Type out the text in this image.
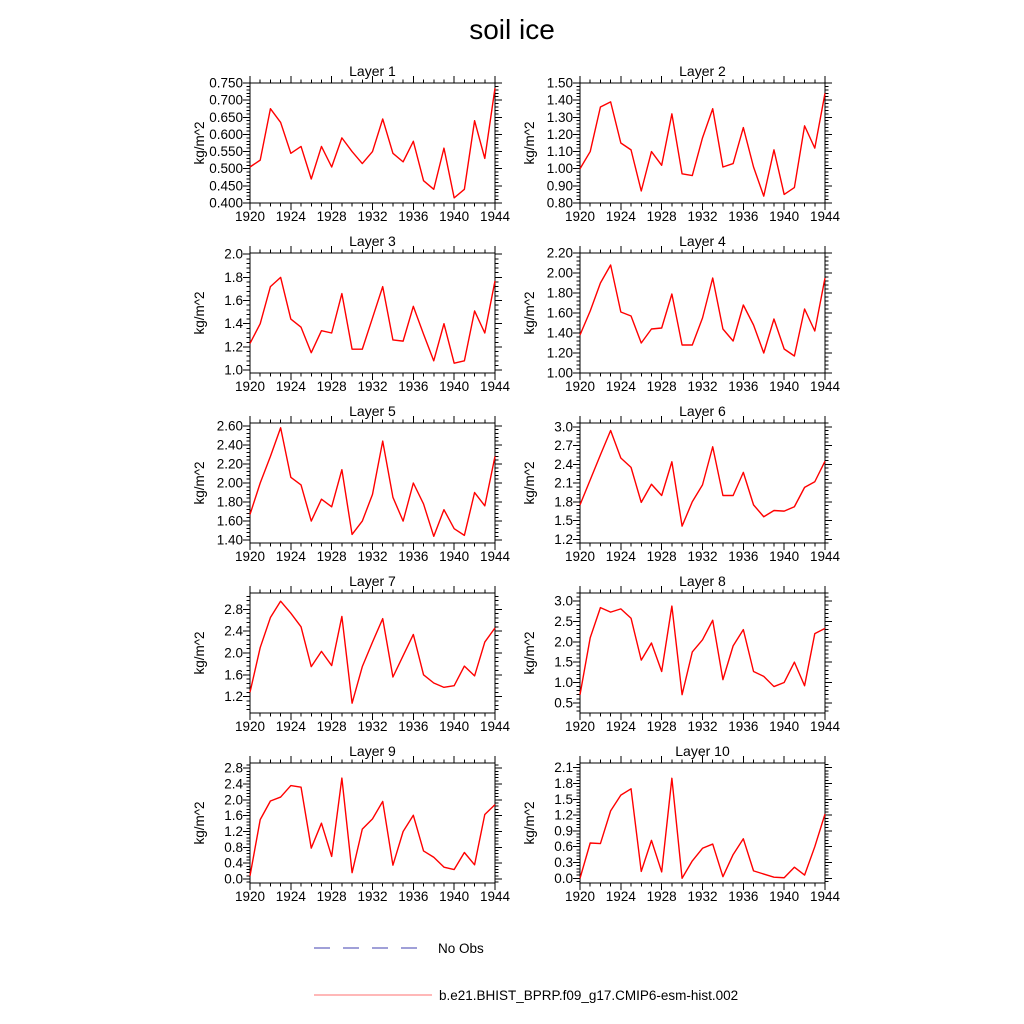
soil ice
Layer 1
kg/m^2
1920 1924 1928 1932 1936 1940 1944
0.400
0.450
0.500
0.550
0.600
0.650
0.700
0.750
Layer 2
kg/m^2
1920 1924 1928 1932 1936 1940 1944
0.80
0.90
1.00
1.10
1.20
1.30
1.40
1.50
Layer 3
kg/m^2
1920 1924 1928 1932 1936 1940 1944
1.0
1.2
1.4
1.6
1.8
2.0
Layer 4
kg/m^2
1920 1924 1928 1932 1936 1940 1944
1.00
1.20
1.40
1.60
1.80
2.00
2.20
Layer 5
kg/m^2
1920 1924 1928 1932 1936 1940 1944
1.40
1.60
1.80
2.00
2.20
2.40
2.60
Layer 6
kg/m^2
1920 1924 1928 1932 1936 1940 1944
1.2
1.5
1.8
2.1
2.4
2.7
3.0
Layer 7
kg/m^2
1920 1924 1928 1932 1936 1940 1944
1.2
1.6
2.0
2.4
2.8
Layer 8
kg/m^2
1920 1924 1928 1932 1936 1940 1944
0.5
1.0
1.5
2.0
2.5
3.0
Layer 9
kg/m^2
1920 1924 1928 1932 1936 1940 1944
0.0
0.4
0.8
1.2
1.6
2.0
2.4
2.8
Layer 10
kg/m^2
1920 1924 1928 1932 1936 1940 1944
0.0
0.3
0.6
0.9
1.2
1.5
1.8
2.1
No Obs
b.e21.BHIST_BPRP.f09_g17.CMIP6-esm-hist.002
